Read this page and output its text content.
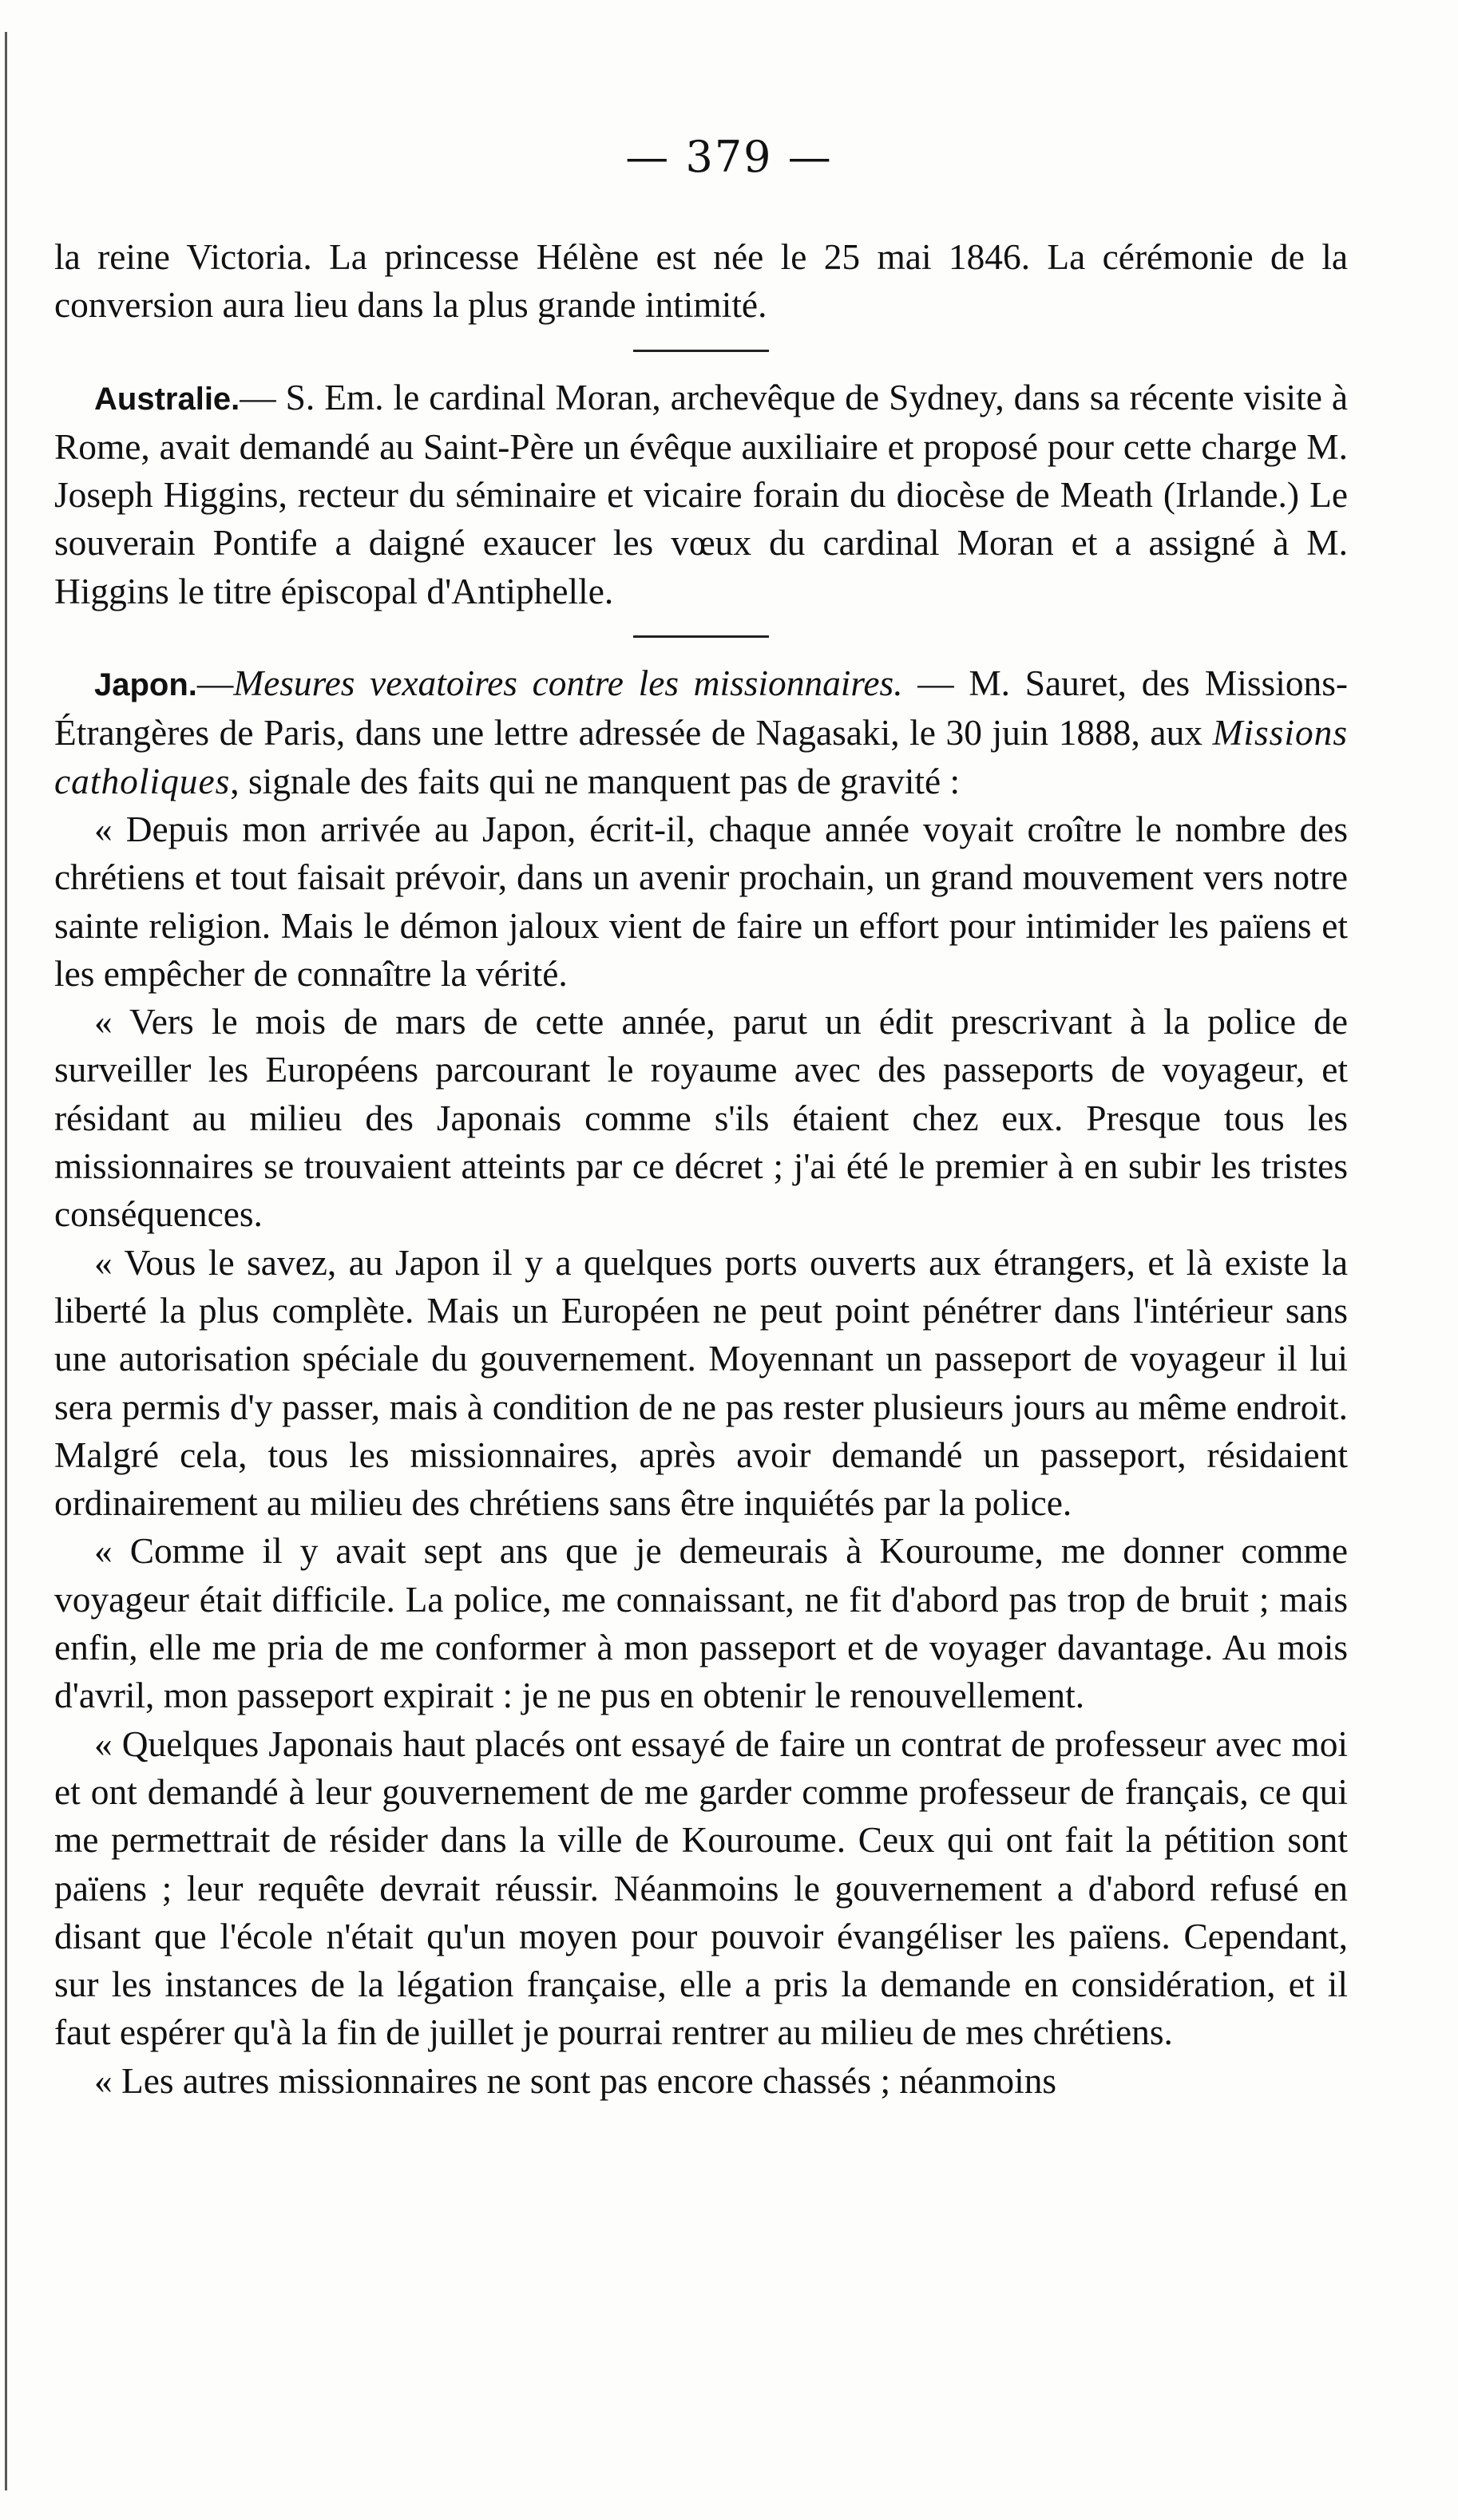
— 379 —

la reine Victoria. La princesse Hélène est née le 25 mai 1846. La cérémonie de la conversion aura lieu dans la plus grande intimité.

Australie.— S. Em. le cardinal Moran, archevêque de Sydney, dans sa récente visite à Rome, avait demandé au Saint-Père un évêque auxiliaire et proposé pour cette charge M. Joseph Higgins, recteur du séminaire et vicaire forain du diocèse de Meath (Irlande.) Le souverain Pontife a daigné exaucer les vœux du cardinal Moran et a assigné à M. Higgins le titre épiscopal d'Antiphelle.

Japon.—Mesures vexatoires contre les missionnaires. — M. Sauret, des Missions-Étrangères de Paris, dans une lettre adressée de Nagasaki, le 30 juin 1888, aux Missions catholiques, signale des faits qui ne manquent pas de gravité :

« Depuis mon arrivée au Japon, écrit-il, chaque année voyait croître le nombre des chrétiens et tout faisait prévoir, dans un avenir prochain, un grand mouvement vers notre sainte religion. Mais le démon jaloux vient de faire un effort pour intimider les païens et les empêcher de connaître la vérité.

« Vers le mois de mars de cette année, parut un édit prescrivant à la police de surveiller les Européens parcourant le royaume avec des passeports de voyageur, et résidant au milieu des Japonais comme s'ils étaient chez eux. Presque tous les missionnaires se trouvaient atteints par ce décret ; j'ai été le premier à en subir les tristes conséquences.

« Vous le savez, au Japon il y a quelques ports ouverts aux étrangers, et là existe la liberté la plus complète. Mais un Européen ne peut point pénétrer dans l'intérieur sans une autorisation spéciale du gouvernement. Moyennant un passeport de voyageur il lui sera permis d'y passer, mais à condition de ne pas rester plusieurs jours au même endroit. Malgré cela, tous les missionnaires, après avoir demandé un passeport, résidaient ordinairement au milieu des chrétiens sans être inquiétés par la police.

« Comme il y avait sept ans que je demeurais à Kouroume, me donner comme voyageur était difficile. La police, me connaissant, ne fit d'abord pas trop de bruit ; mais enfin, elle me pria de me conformer à mon passeport et de voyager davantage. Au mois d'avril, mon passeport expirait : je ne pus en obtenir le renouvellement.

« Quelques Japonais haut placés ont essayé de faire un contrat de professeur avec moi et ont demandé à leur gouvernement de me garder comme professeur de français, ce qui me permettrait de résider dans la ville de Kouroume. Ceux qui ont fait la pétition sont païens ; leur requête devrait réussir. Néanmoins le gouvernement a d'abord refusé en disant que l'école n'était qu'un moyen pour pouvoir évangéliser les païens. Cependant, sur les instances de la légation française, elle a pris la demande en considération, et il faut espérer qu'à la fin de juillet je pourrai rentrer au milieu de mes chrétiens.

« Les autres missionnaires ne sont pas encore chassés ; néanmoins
